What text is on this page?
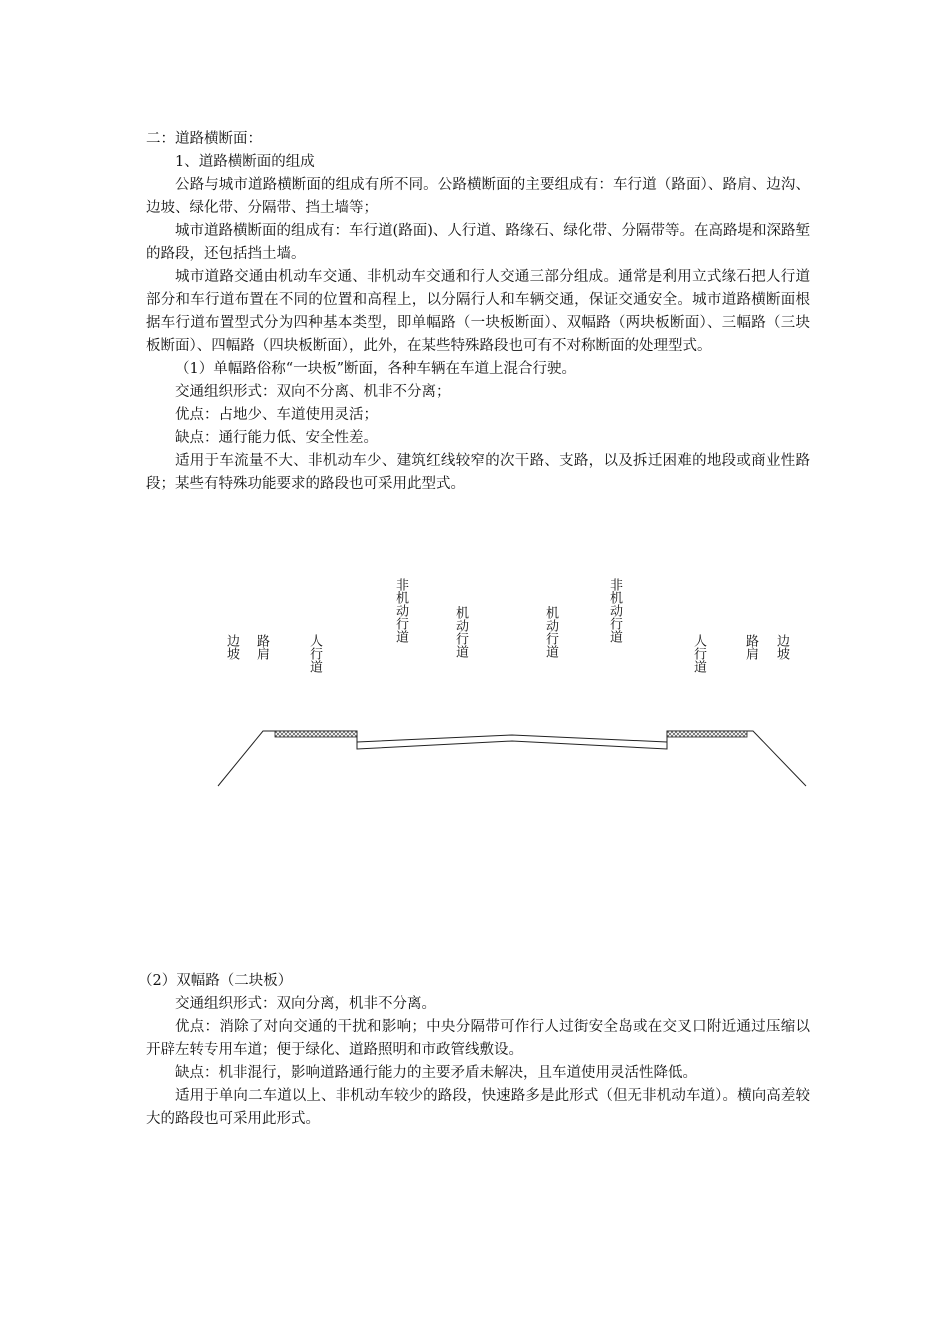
二：道路横断面：

1、道路横断面的组成

公路与城市道路横断面的组成有所不同。公路横断面的主要组成有：车行道（路面）、路肩、边沟、边坡、绿化带、分隔带、挡土墙等；

城市道路横断面的组成有：车行道(路面)、人行道、路缘石、绿化带、分隔带等。在高路堤和深路堑的路段，还包括挡土墙。

城市道路交通由机动车交通、非机动车交通和行人交通三部分组成。通常是利用立式缘石把人行道部分和车行道布置在不同的位置和高程上，以分隔行人和车辆交通，保证交通安全。城市道路横断面根据车行道布置型式分为四种基本类型，即单幅路（一块板断面）、双幅路（两块板断面）、三幅路（三块板断面）、四幅路（四块板断面），此外，在某些特殊路段也可有不对称断面的处理型式。

（1）单幅路俗称“一块板”断面，各种车辆在车道上混合行驶。

交通组织形式：双向不分离、机非不分离；

优点：占地少、车道使用灵活；

缺点：通行能力低、安全性差。

适用于车流量不大、非机动车少、建筑红线较窄的次干路、支路，以及拆迁困难的地段或商业性路段；某些有特殊功能要求的路段也可采用此型式。

边坡	路肩	人行道
非机动行道	机动行道	机动行道	非机动行道
人行道	路肩	边坡

（2）双幅路（二块板）

交通组织形式：双向分离，机非不分离。

优点：消除了对向交通的干扰和影响；中央分隔带可作行人过街安全岛或在交叉口附近通过压缩以开辟左转专用车道；便于绿化、道路照明和市政管线敷设。

缺点：机非混行，影响道路通行能力的主要矛盾未解决，且车道使用灵活性降低。

适用于单向二车道以上、非机动车较少的路段，快速路多是此形式（但无非机动车道）。横向高差较大的路段也可采用此形式。
